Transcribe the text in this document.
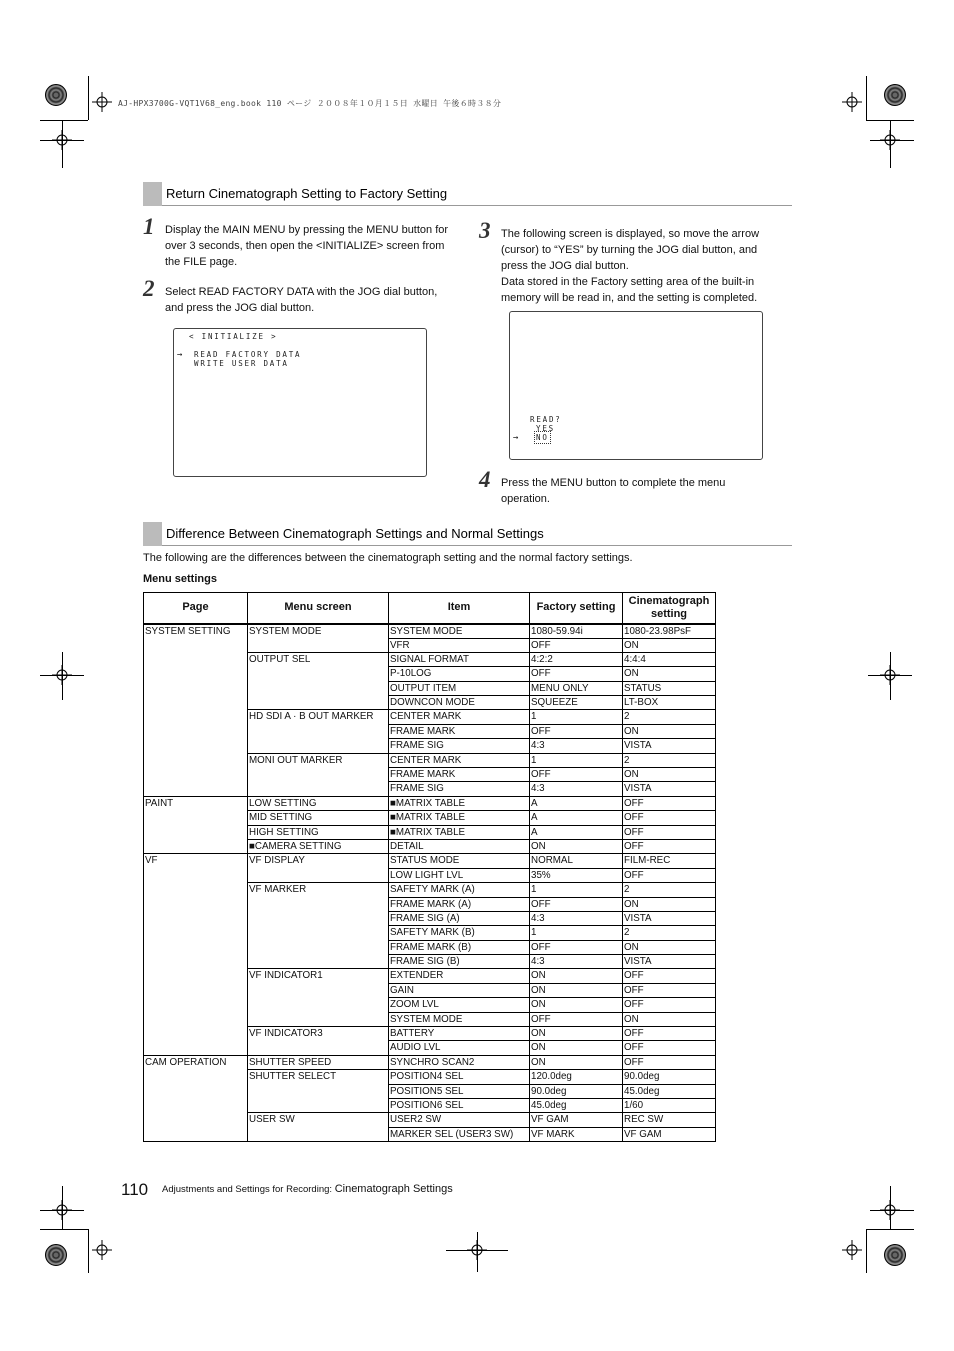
AJ-HPX3700G-VQT1V68_eng.book 110 ページ ２００８年１０月１５日 水曜日 午後６時３８分
Return Cinematograph Setting to Factory Setting
1 Display the MAIN MENU by pressing the MENU button for over 3 seconds, then open the <INITIALIZE> screen from the FILE page.
2 Select READ FACTORY DATA with the JOG dial button, and press the JOG dial button.
< INITIALIZE >
→ READ FACTORY DATA
WRITE USER DATA
3 The following screen is displayed, so move the arrow (cursor) to “YES” by turning the JOG dial button, and press the JOG dial button.
Data stored in the Factory setting area of the built-in memory will be read in, and the setting is completed.
READ?
YES
→ NO
4 Press the MENU button to complete the menu operation.
Difference Between Cinematograph Settings and Normal Settings
The following are the differences between the cinematograph setting and the normal factory settings.
Menu settings
Page	Menu screen	Item	Factory setting	Cinematograph setting
SYSTEM SETTING	SYSTEM MODE	SYSTEM MODE	1080-59.94i	1080-23.98PsF
		VFR	OFF	ON
	OUTPUT SEL	SIGNAL FORMAT	4:2:2	4:4:4
		P-10LOG	OFF	ON
		OUTPUT ITEM	MENU ONLY	STATUS
		DOWNCON MODE	SQUEEZE	LT-BOX
	HD SDI A · B OUT MARKER	CENTER MARK	1	2
		FRAME MARK	OFF	ON
		FRAME SIG	4:3	VISTA
	MONI OUT MARKER	CENTER MARK	1	2
		FRAME MARK	OFF	ON
		FRAME SIG	4:3	VISTA
PAINT	LOW SETTING	■MATRIX TABLE	A	OFF
	MID SETTING	■MATRIX TABLE	A	OFF
	HIGH SETTING	■MATRIX TABLE	A	OFF
	■CAMERA SETTING	DETAIL	ON	OFF
VF	VF DISPLAY	STATUS MODE	NORMAL	FILM-REC
		LOW LIGHT LVL	35%	OFF
	VF MARKER	SAFETY MARK (A)	1	2
		FRAME MARK (A)	OFF	ON
		FRAME SIG (A)	4:3	VISTA
		SAFETY MARK (B)	1	2
		FRAME MARK (B)	OFF	ON
		FRAME SIG (B)	4:3	VISTA
	VF INDICATOR1	EXTENDER	ON	OFF
		GAIN	ON	OFF
		ZOOM LVL	ON	OFF
		SYSTEM MODE	OFF	ON
	VF INDICATOR3	BATTERY	ON	OFF
		AUDIO LVL	ON	OFF
CAM OPERATION	SHUTTER SPEED	SYNCHRO SCAN2	ON	OFF
	SHUTTER SELECT	POSITION4 SEL	120.0deg	90.0deg
		POSITION5 SEL	90.0deg	45.0deg
		POSITION6 SEL	45.0deg	1/60
	USER SW	USER2 SW	VF GAM	REC SW
		MARKER SEL (USER3 SW)	VF MARK	VF GAM
110 Adjustments and Settings for Recording: Cinematograph Settings
